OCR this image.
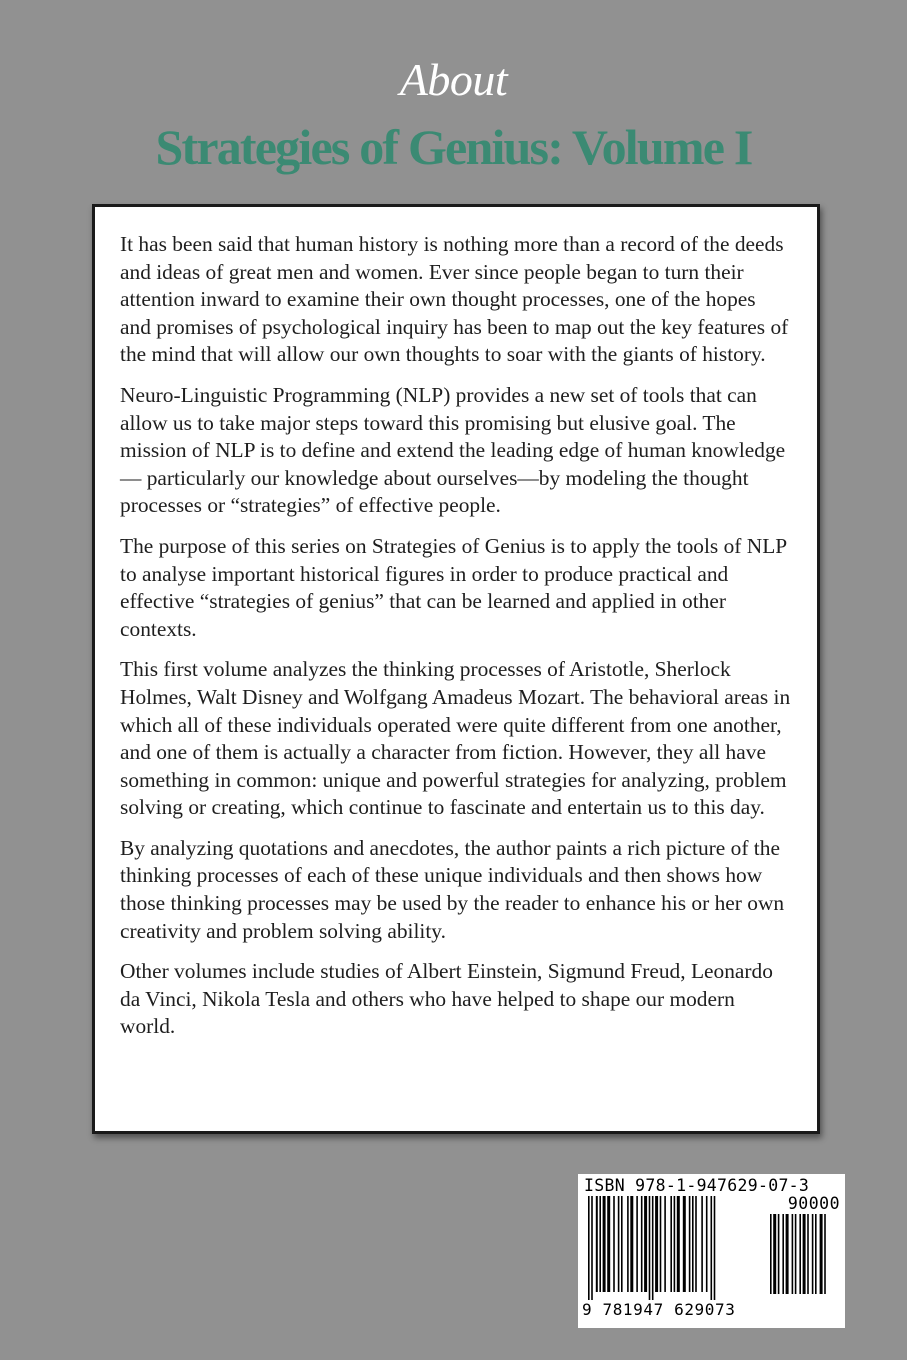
About
Strategies of Genius: Volume I

It has been said that human history is nothing more than a record of the deeds and ideas of great men and women. Ever since people began to turn their attention inward to examine their own thought processes, one of the hopes and promises of psychological inquiry has been to map out the key features of the mind that will allow our own thoughts to soar with the giants of history.

Neuro-Linguistic Programming (NLP) provides a new set of tools that can allow us to take major steps toward this promising but elusive goal. The mission of NLP is to define and extend the leading edge of human knowledge— particularly our knowledge about ourselves—by modeling the thought processes or “strategies” of effective people.

The purpose of this series on Strategies of Genius is to apply the tools of NLP to analyse important historical figures in order to produce practical and effective “strategies of genius” that can be learned and applied in other contexts.

This first volume analyzes the thinking processes of Aristotle, Sherlock Holmes, Walt Disney and Wolfgang Amadeus Mozart. The behavioral areas in which all of these individuals operated were quite different from one another, and one of them is actually a character from fiction. However, they all have something in common: unique and powerful strategies for analyzing, problem solving or creating, which continue to fascinate and entertain us to this day.

By analyzing quotations and anecdotes, the author paints a rich picture of the thinking processes of each of these unique individuals and then shows how those thinking processes may be used by the reader to enhance his or her own creativity and problem solving ability.

Other volumes include studies of Albert Einstein, Sigmund Freud, Leonardo da Vinci, Nikola Tesla and others who have helped to shape our modern world.

ISBN 978-1-947629-07-3
90000
9 781947 629073
